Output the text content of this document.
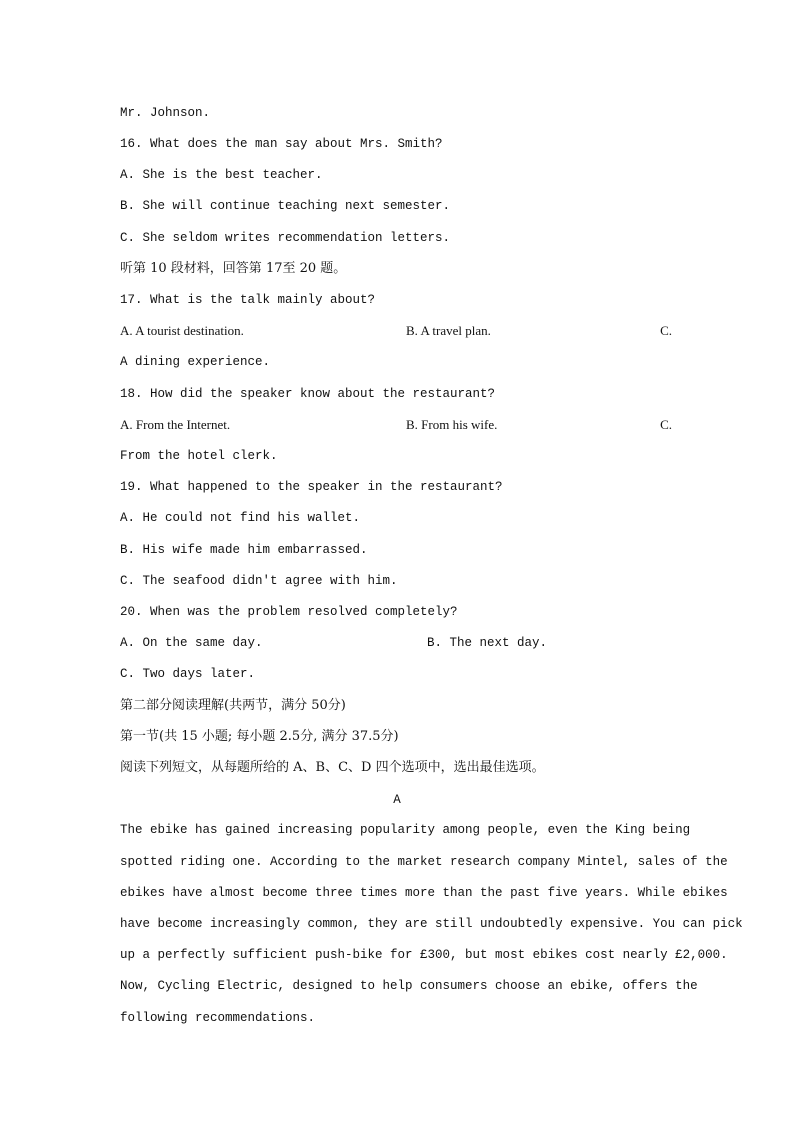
Mr. Johnson.
16. What does the man say about Mrs. Smith?
A. She is the best teacher.
B. She will continue teaching next semester.
C. She seldom writes recommendation letters.
听第 10 段材料，回答第 17至 20 题。
17. What is the talk mainly about?

A. A tourist destination.

	B. A travel plan.

	C.

A dining experience.
18. How did the speaker know about the restaurant?

A. From the Internet.

	B. From his wife.

	C.

From the hotel clerk.
19. What happened to the speaker in the restaurant?
A. He could not find his wallet.
B. His wife made him embarrassed.
C. The seafood didn't agree with him.
20. When was the problem resolved completely?

A. On the same day.

	B. The next day.

C. Two days later.
第二部分阅读理解(共两节，满分 50分)
第一节(共 15 小题; 每小题 2.5分, 满分 37.5分)
阅读下列短文，从每题所给的 A、B、C、D 四个选项中，选出最佳选项。
A
The ebike has gained increasing popularity among people, even the King being
spotted riding one. According to the market research company Mintel, sales of the
ebikes have almost become three times more than the past five years. While ebikes
have become increasingly common, they are still undoubtedly expensive. You can pick
up a perfectly sufficient push-bike for £300, but most ebikes cost nearly £2,000.
Now, Cycling Electric, designed to help consumers choose an ebike, offers the
following recommendations.
